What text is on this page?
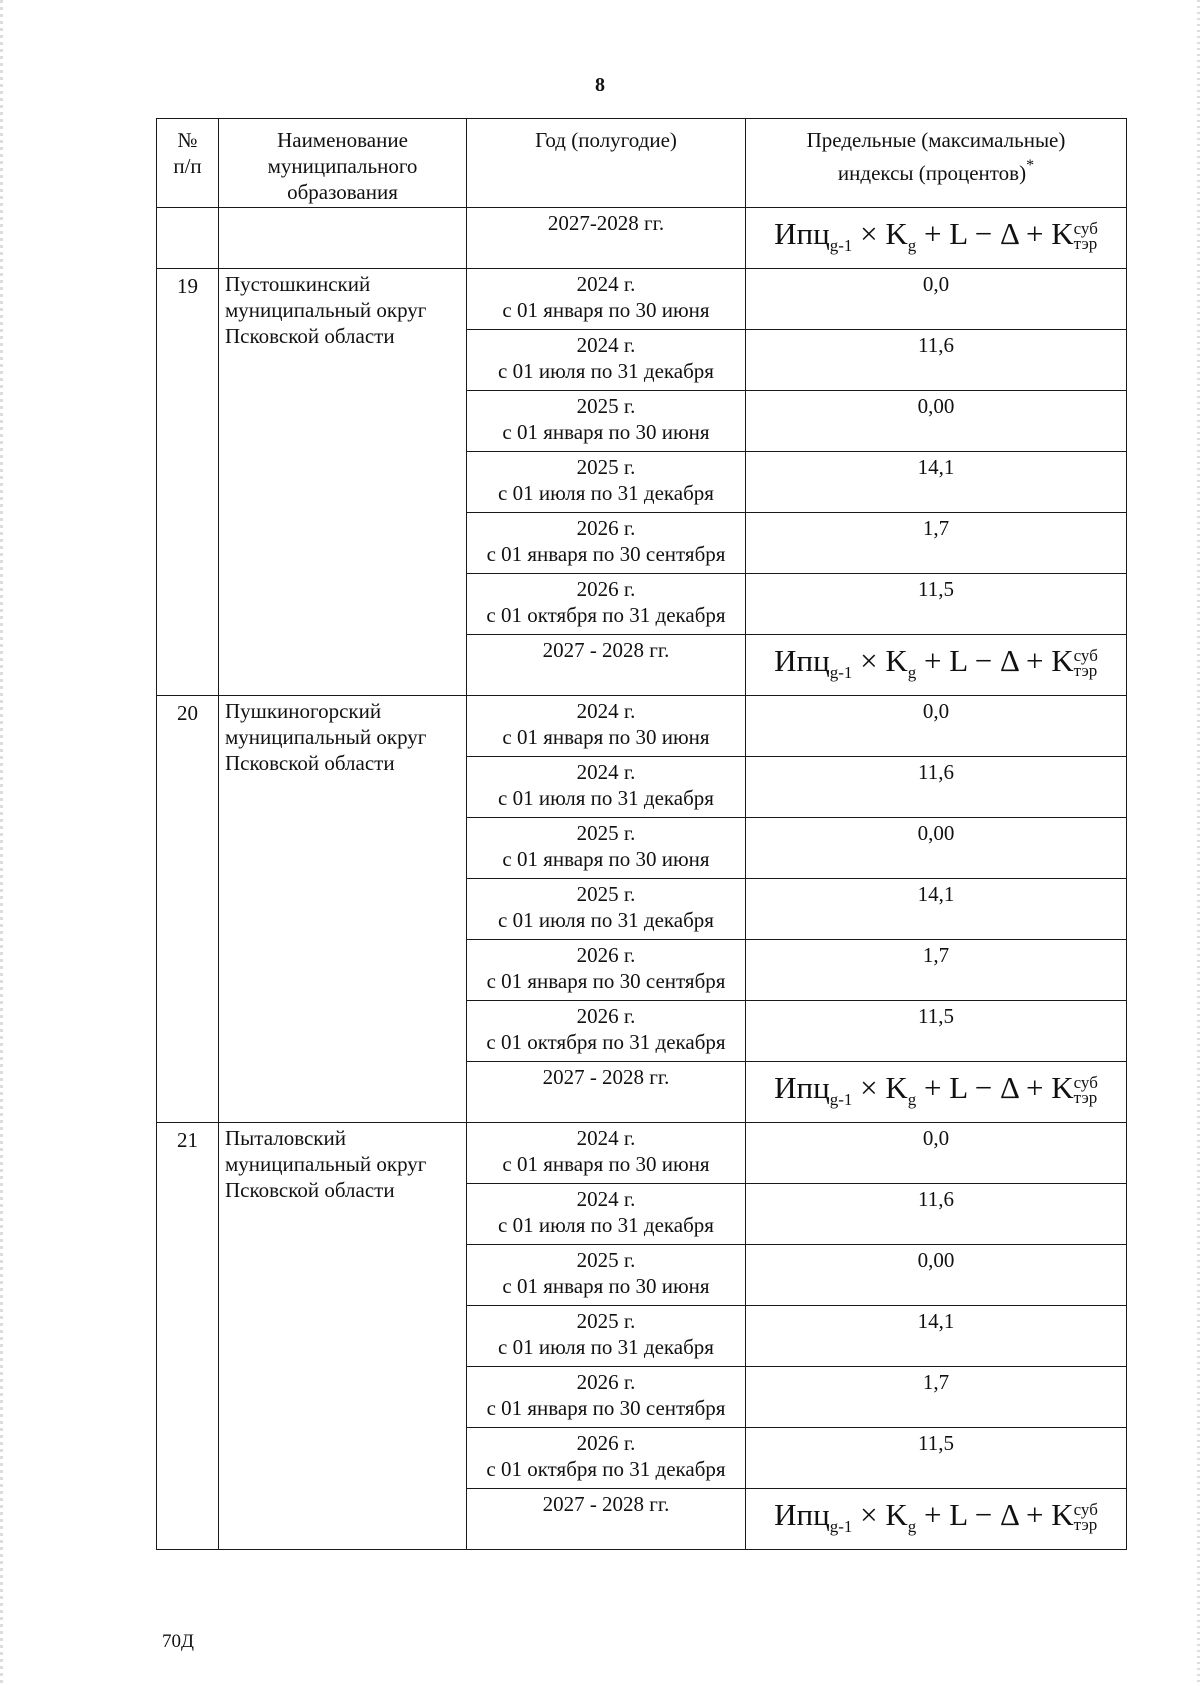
8
№
п/п	Наименование
муниципального
образования	Год (полугодие)	Предельные (максимальные)
индексы (процентов)*
		2027-2028 гг.	$Ипц_{g-1} \times K_g + L - \Delta + K$ суб
тэр

19	Пустошкинский
муниципальный округ
Псковской области	2024 г.
с 01 января по 30 июня	0,0
		2024 г.
с 01 июля по 31 декабря	11,6
		2025 г.
с 01 января по 30 июня	0,00
		2025 г.
с 01 июля по 31 декабря	14,1
		2026 г.
с 01 января по 30 сентября	1,7
		2026 г.
с 01 октября по 31 декабря	11,5
		2027 - 2028 гг.	$Ипц_{g-1} \times K_g + L - \Delta + K$ суб
тэр

20	Пушкиногорский
муниципальный округ
Псковской области	2024 г.
с 01 января по 30 июня	0,0
		2024 г.
с 01 июля по 31 декабря	11,6
		2025 г.
с 01 января по 30 июня	0,00
		2025 г.
с 01 июля по 31 декабря	14,1
		2026 г.
с 01 января по 30 сентября	1,7
		2026 г.
с 01 октября по 31 декабря	11,5
		2027 - 2028 гг.	$Ипц_{g-1} \times K_g + L - \Delta + K$ суб
тэр

21	Пыталовский
муниципальный округ
Псковской области	2024 г.
с 01 января по 30 июня	0,0
		2024 г.
с 01 июля по 31 декабря	11,6
		2025 г.
с 01 января по 30 июня	0,00
		2025 г.
с 01 июля по 31 декабря	14,1
		2026 г.
с 01 января по 30 сентября	1,7
		2026 г.
с 01 октября по 31 декабря	11,5
		2027 - 2028 гг.	$Ипц_{g-1} \times K_g + L - \Delta + K$ суб
тэр
70Д
